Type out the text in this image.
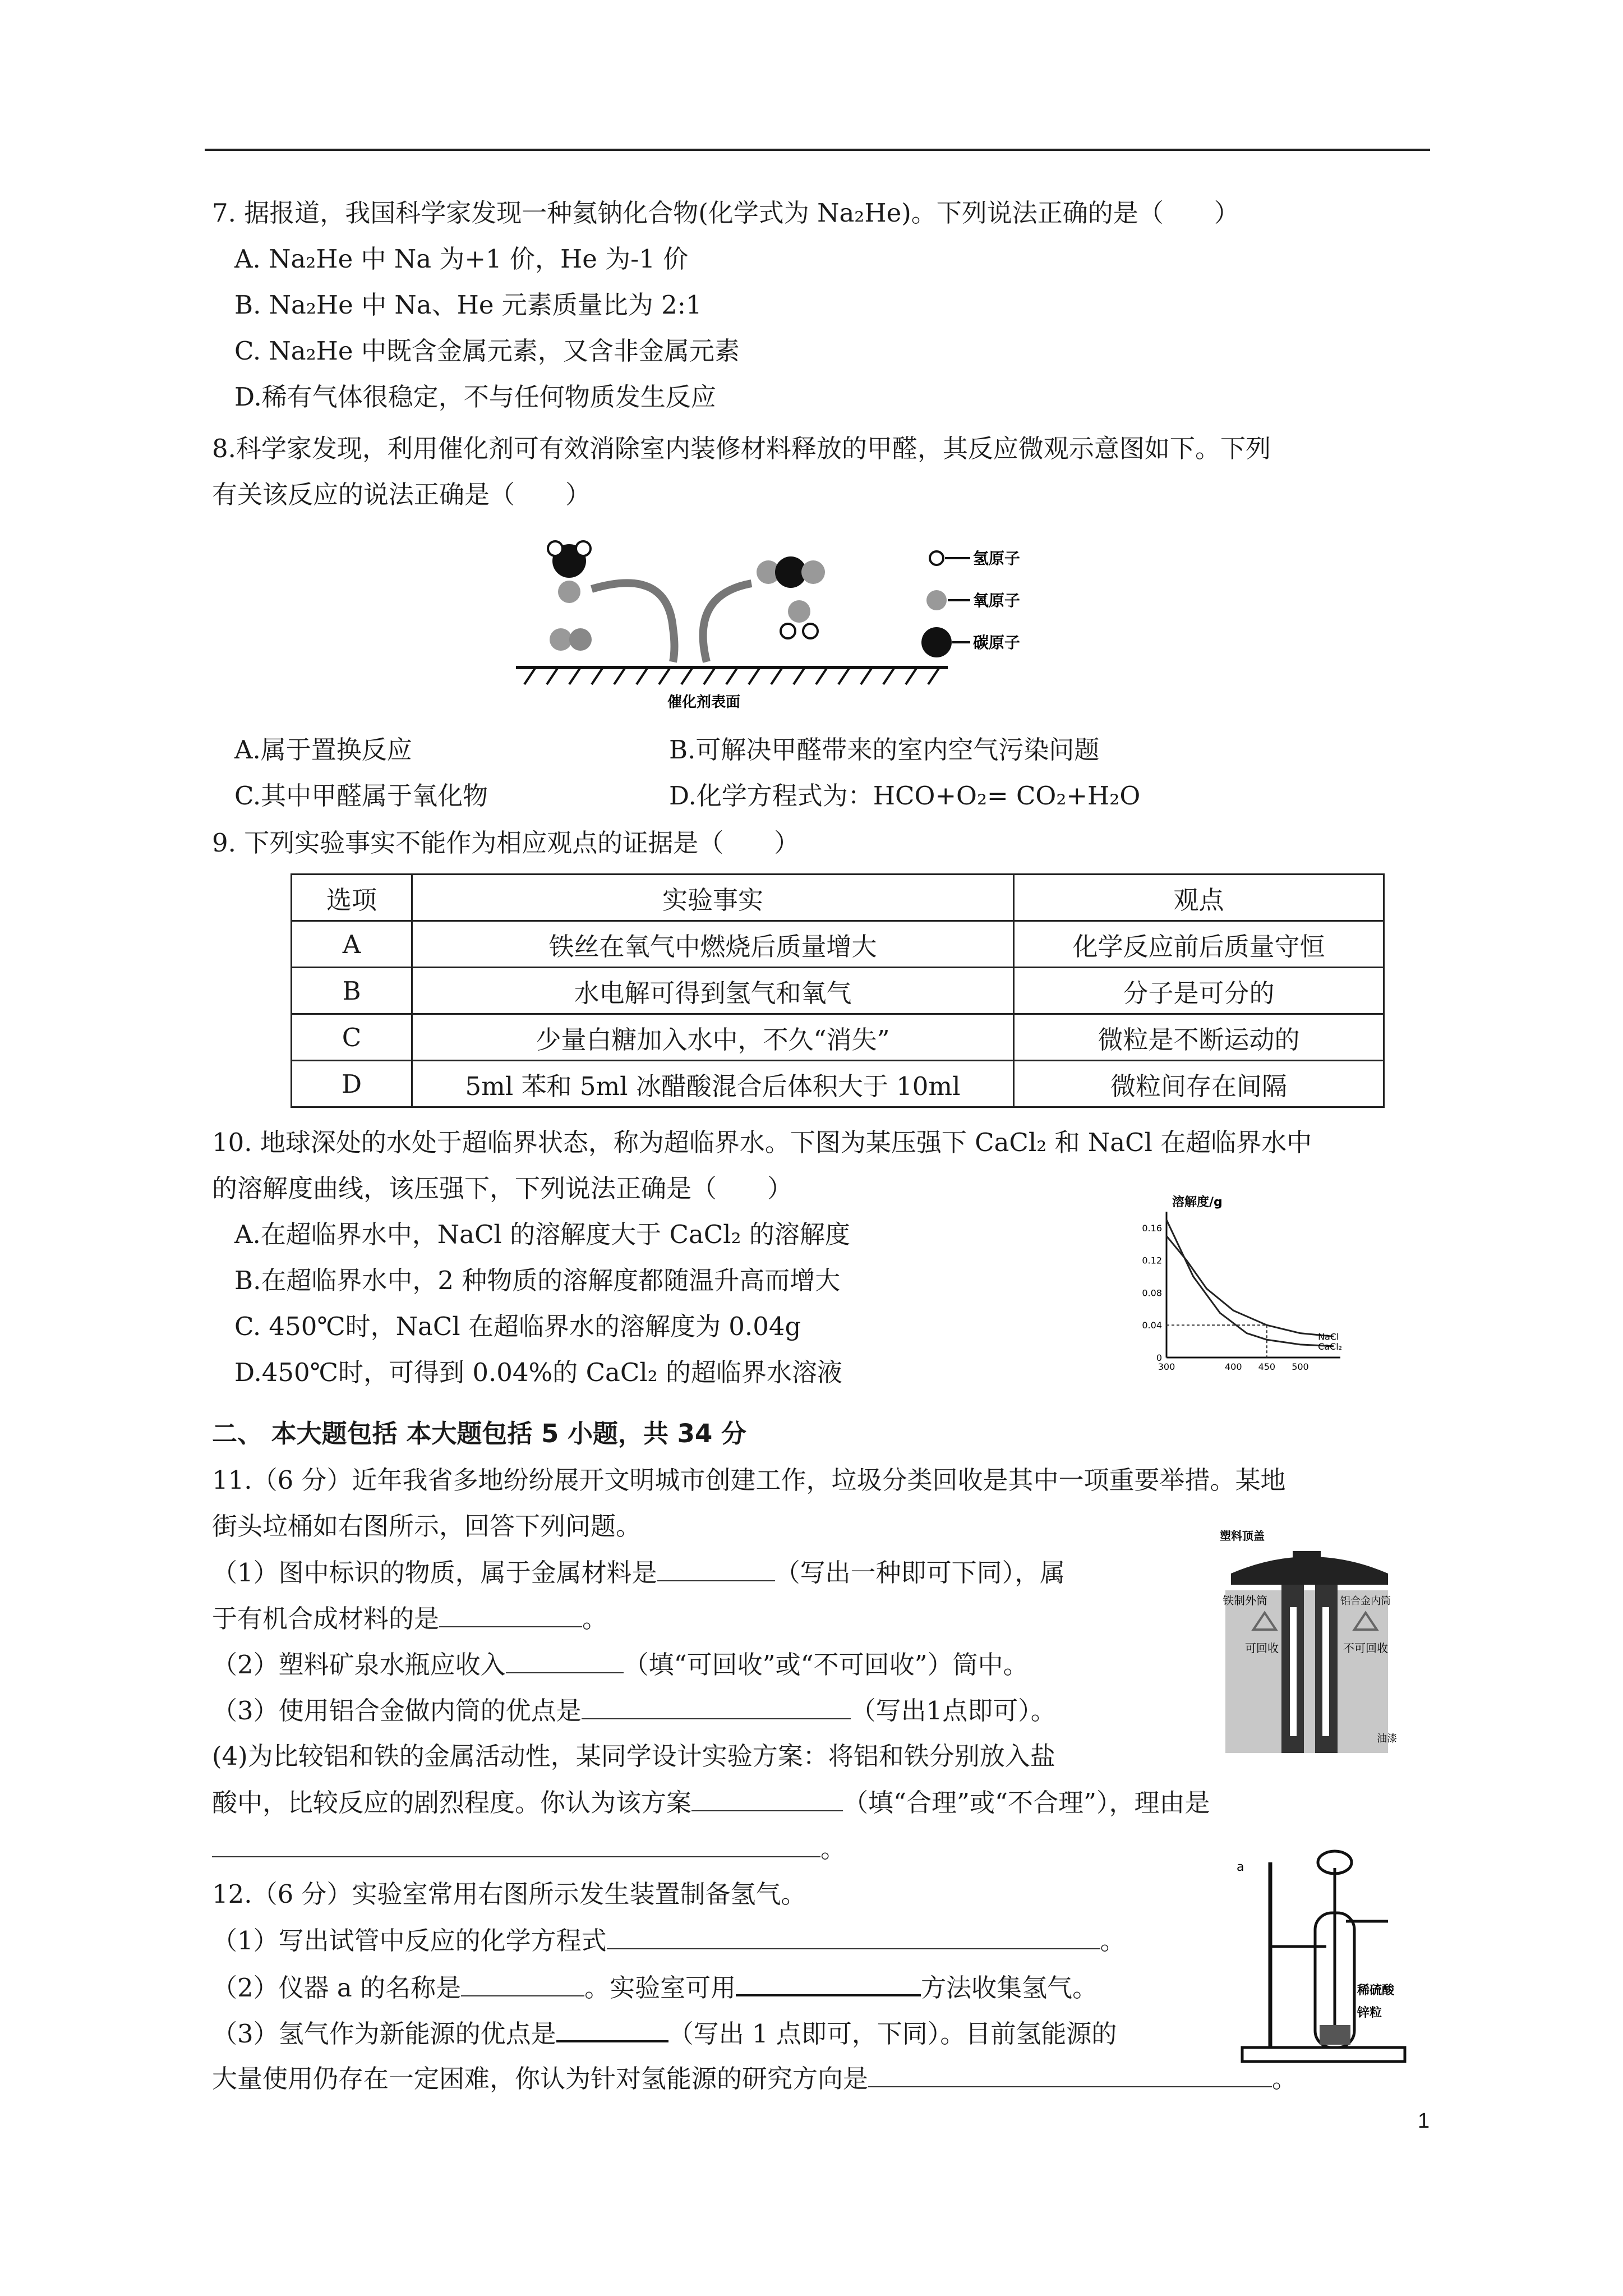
7. 据报道，我国科学家发现一种氦钠化合物(化学式为 Na₂He)。下列说法正确的是（　　）
A. Na₂He 中 Na 为+1 价，He 为-1 价
B. Na₂He 中 Na、He 元素质量比为 2:1
C. Na₂He 中既含金属元素，又含非金属元素
D.稀有气体很稳定，不与任何物质发生反应
8.科学家发现，利用催化剂可有效消除室内装修材料释放的甲醛，其反应微观示意图如下。下列
有关该反应的说法正确是（　　）
催化剂表面
氢原子
氧原子
碳原子
A.属于置换反应	B.可解决甲醛带来的室内空气污染问题
C.其中甲醛属于氧化物	D.化学方程式为：HCO+O₂= CO₂+H₂O
9. 下列实验事实不能作为相应观点的证据是（　　）
选项	实验事实	观点
A	铁丝在氧气中燃烧后质量增大	化学反应前后质量守恒
B	水电解可得到氢气和氧气	分子是可分的
C	少量白糖加入水中，不久“消失”	微粒是不断运动的
D	5ml 苯和 5ml 冰醋酸混合后体积大于 10ml	微粒间存在间隔
10. 地球深处的水处于超临界状态，称为超临界水。下图为某压强下 CaCl₂ 和 NaCl 在超临界水中
的溶解度曲线，该压强下，下列说法正确是（　　）
A.在超临界水中，NaCl 的溶解度大于 CaCl₂ 的溶解度
B.在超临界水中，2 种物质的溶解度都随温升高而增大
C. 450℃时，NaCl 在超临界水的溶解度为 0.04g
D.450℃时，可得到 0.04%的 CaCl₂ 的超临界水溶液
溶解度/g
0.16
0.12
0.08
0.04
0
300	400 450 500
NaCl
CaCl₂
二、 本大题包括 本大题包括 5 小题，共 34 分
11.（6 分）近年我省多地纷纷展开文明城市创建工作，垃圾分类回收是其中一项重要举措。某地
街头垃桶如右图所示，回答下列问题。
（1）图中标识的物质，属于金属材料是	（写出一种即可下同），属
于有机合成材料的是	。
（2）塑料矿泉水瓶应收入	（填“可回收”或“不可回收”）筒中。
（3）使用铝合金做内筒的优点是	（写出1点即可）。
(4)为比较铝和铁的金属活动性，某同学设计实验方案：将铝和铁分别放入盐
酸中，比较反应的剧烈程度。你认为该方案	（填“合理”或“不合理”），理由是
。
塑料顶盖
铁制外筒	铝合金内筒
可回收	不可回收
油漆
12.（6 分）实验室常用右图所示发生装置制备氢气。
（1）写出试管中反应的化学方程式	。
（2）仪器 a 的名称是	。实验室可用	方法收集氢气。
（3）氢气作为新能源的优点是	（写出 1 点即可，下同）。目前氢能源的
大量使用仍存在一定困难，你认为针对氢能源的研究方向是	。
a
稀硫酸
锌粒
1
